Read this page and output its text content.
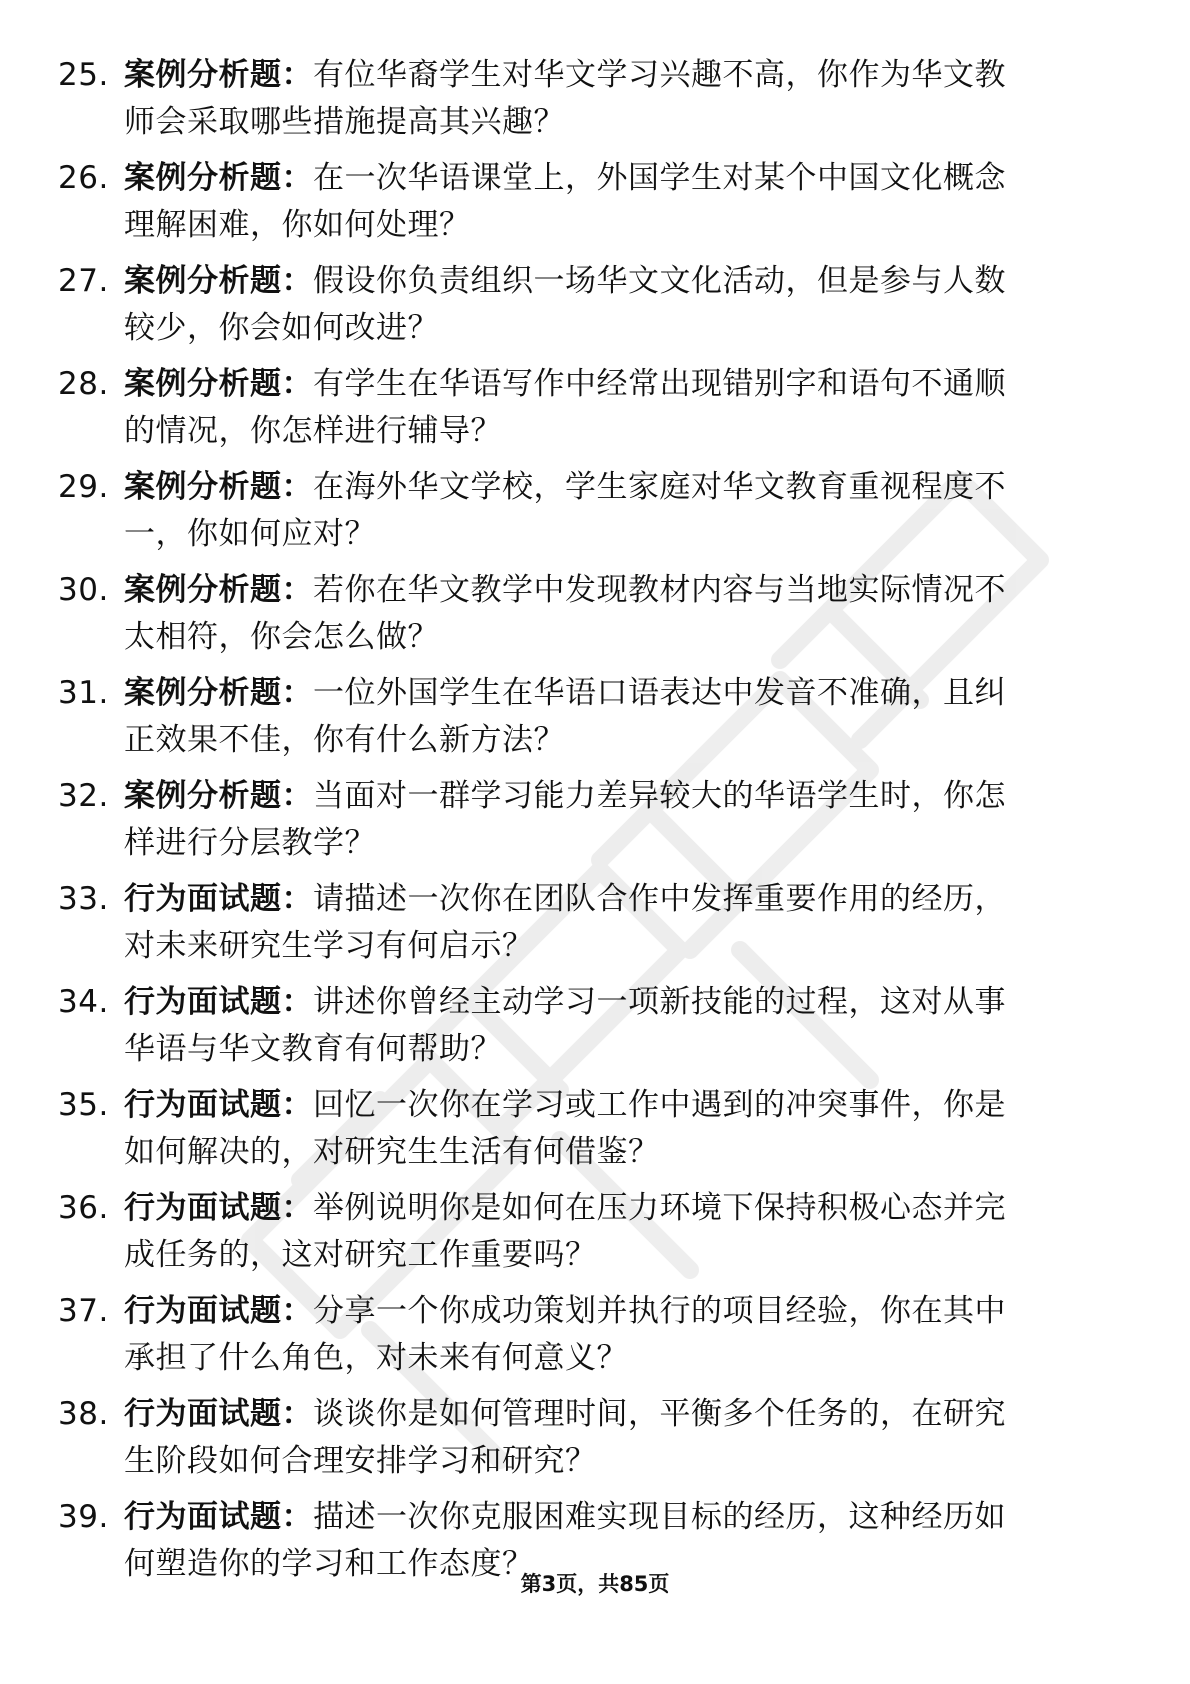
25. 案例分析题：有位华裔学生对华文学习兴趣不高，你作为华文教
师会采取哪些措施提高其兴趣？
26. 案例分析题：在一次华语课堂上，外国学生对某个中国文化概念
理解困难，你如何处理？
27. 案例分析题：假设你负责组织一场华文文化活动，但是参与人数
较少，你会如何改进？
28. 案例分析题：有学生在华语写作中经常出现错别字和语句不通顺
的情况，你怎样进行辅导？
29. 案例分析题：在海外华文学校，学生家庭对华文教育重视程度不
一，你如何应对？
30. 案例分析题：若你在华文教学中发现教材内容与当地实际情况不
太相符，你会怎么做？
31. 案例分析题：一位外国学生在华语口语表达中发音不准确，且纠
正效果不佳，你有什么新方法？
32. 案例分析题：当面对一群学习能力差异较大的华语学生时，你怎
样进行分层教学？
33. 行为面试题：请描述一次你在团队合作中发挥重要作用的经历，
对未来研究生学习有何启示？
34. 行为面试题：讲述你曾经主动学习一项新技能的过程，这对从事
华语与华文教育有何帮助？
35. 行为面试题：回忆一次你在学习或工作中遇到的冲突事件，你是
如何解决的，对研究生生活有何借鉴？
36. 行为面试题：举例说明你是如何在压力环境下保持积极心态并完
成任务的，这对研究工作重要吗？
37. 行为面试题：分享一个你成功策划并执行的项目经验，你在其中
承担了什么角色，对未来有何意义？
38. 行为面试题：谈谈你是如何管理时间，平衡多个任务的，在研究
生阶段如何合理安排学习和研究？
39. 行为面试题：描述一次你克服困难实现目标的经历，这种经历如
何塑造你的学习和工作态度？
第3页，共85页
